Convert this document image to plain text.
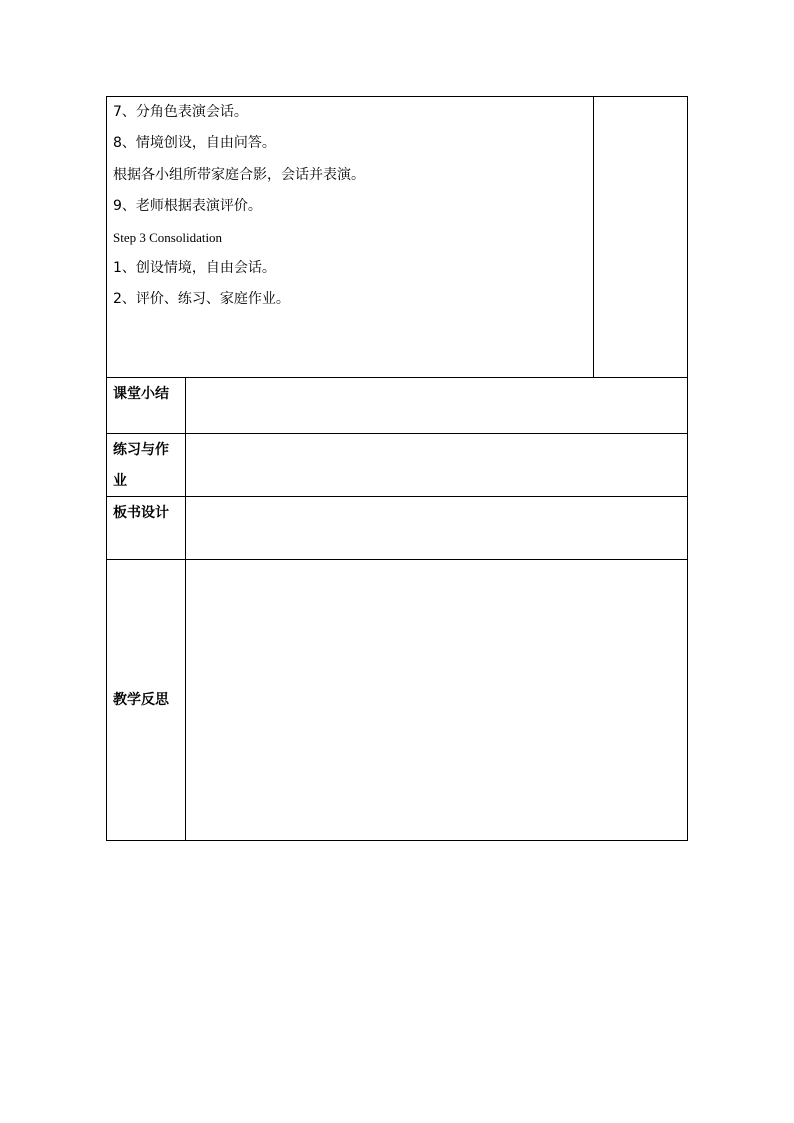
7、分角色表演会话。
8、情境创设，自由问答。
根据各小组所带家庭合影，会话并表演。
9、老师根据表演评价。
Step 3 Consolidation
1、创设情境，自由会话。
2、评价、练习、家庭作业。
课堂小结
练习与作
业
板书设计
教学反思
